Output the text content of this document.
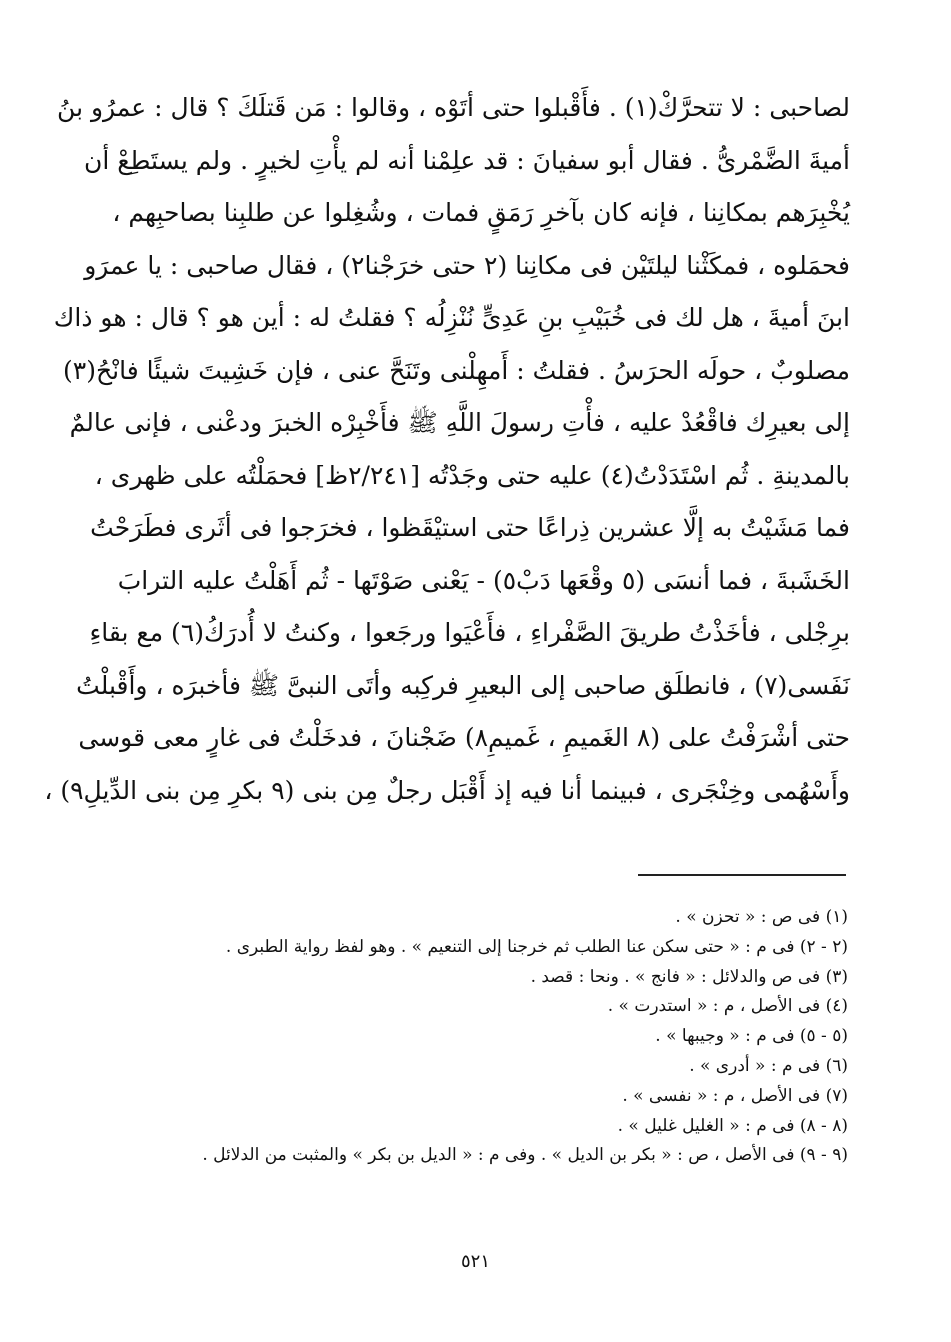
لصاحبى : لا تتحرَّكْ(١) . فأَقْبلوا حتى أتَوْه ، وقالوا : مَن قَتلَكَ ؟ قال : عمرُو بنُ
أميةَ الضَّمْرىُّ . فقال أبو سفيانَ : قد علِمْنا أنه لم يأْتِ لخيرٍ . ولم يستَطِعْ أن
يُخْبِرَهم بمكانِنا ، فإنه كان بآخرِ رَمَقٍ فمات ، وشُغِلوا عن طلبِنا بصاحبِهم ،
فحمَلوه ، فمكَثْنا ليلتَيْن فى مكانِنا (٢ حتى خرَجْنا٢) ، فقال صاحبى : يا عمرَو
ابنَ أميةَ ، هل لك فى خُبَيْبِ بنِ عَدِىٍّ نُنْزِلُه ؟ فقلتُ له : أين هو ؟ قال : هو ذاك
مصلوبٌ ، حولَه الحرَسُ . فقلتُ : أَمهِلْنى وتَنَحَّ عنى ، فإن خَشِيتَ شيئًا فانْحُ(٣)
إلى بعيرِك فاقْعُدْ عليه ، فأْتِ رسولَ اللَّهِ ﷺ فأَخْبِرْه الخبرَ ودعْنى ، فإنى عالمٌ
بالمدينةِ . ثُم اسْتَدَدْتُ(٤) عليه حتى وجَدْتُه [٢/٢٤١ظ] فحمَلْتُه على ظهرى ،
فما مَشَيْتُ به إلَّا عشرين ذِراعًا حتى استيْقَظوا ، فخرَجوا فى أثَرى فطَرَحْتُ
الخَشَبةَ ، فما أنسَى (٥ وقْعَها دَبْ٥) - يَعْنى صَوْتَها - ثُم أَهَلْتُ عليه الترابَ
برِجْلى ، فأخَذْتُ طريقَ الصَّفْراءِ ، فأَعْيَوا ورجَعوا ، وكنتُ لا أُدرَكُ(٦) مع بقاءِ
نَفَسى(٧) ، فانطلَق صاحبى إلى البعيرِ فركِبه وأتَى النبىَّ ﷺ فأخبرَه ، وأَقْبلْتُ
حتى أشْرَفْتُ على (٨ الغَميمِ ، غَميمِ٨) ضَجْنانَ ، فدخَلْتُ فى غارٍ معى قوسى
وأَسْهُمى وخِنْجَرى ، فبينما أنا فيه إذ أَقْبَل رجلٌ مِن بنى (٩ بكرِ مِن بنى الدِّيلِ٩) ،
(١) فى ص : « تحزن » .
(٢ - ٢) فى م : « حتى سكن عنا الطلب ثم خرجنا إلى التنعيم » . وهو لفظ رواية الطبرى .
(٣) فى ص والدلائل : « فانج » . ونحا : قصد .
(٤) فى الأصل ، م : « استدرت » .
(٥ - ٥) فى م : « وجيبها » .
(٦) فى م : « أدرى » .
(٧) فى الأصل ، م : « نفسى » .
(٨ - ٨) فى م : « الغليل غليل » .
(٩ - ٩) فى الأصل ، ص : « بكر بن الديل » . وفى م : « الديل بن بكر » والمثبت من الدلائل .
٥٢١
